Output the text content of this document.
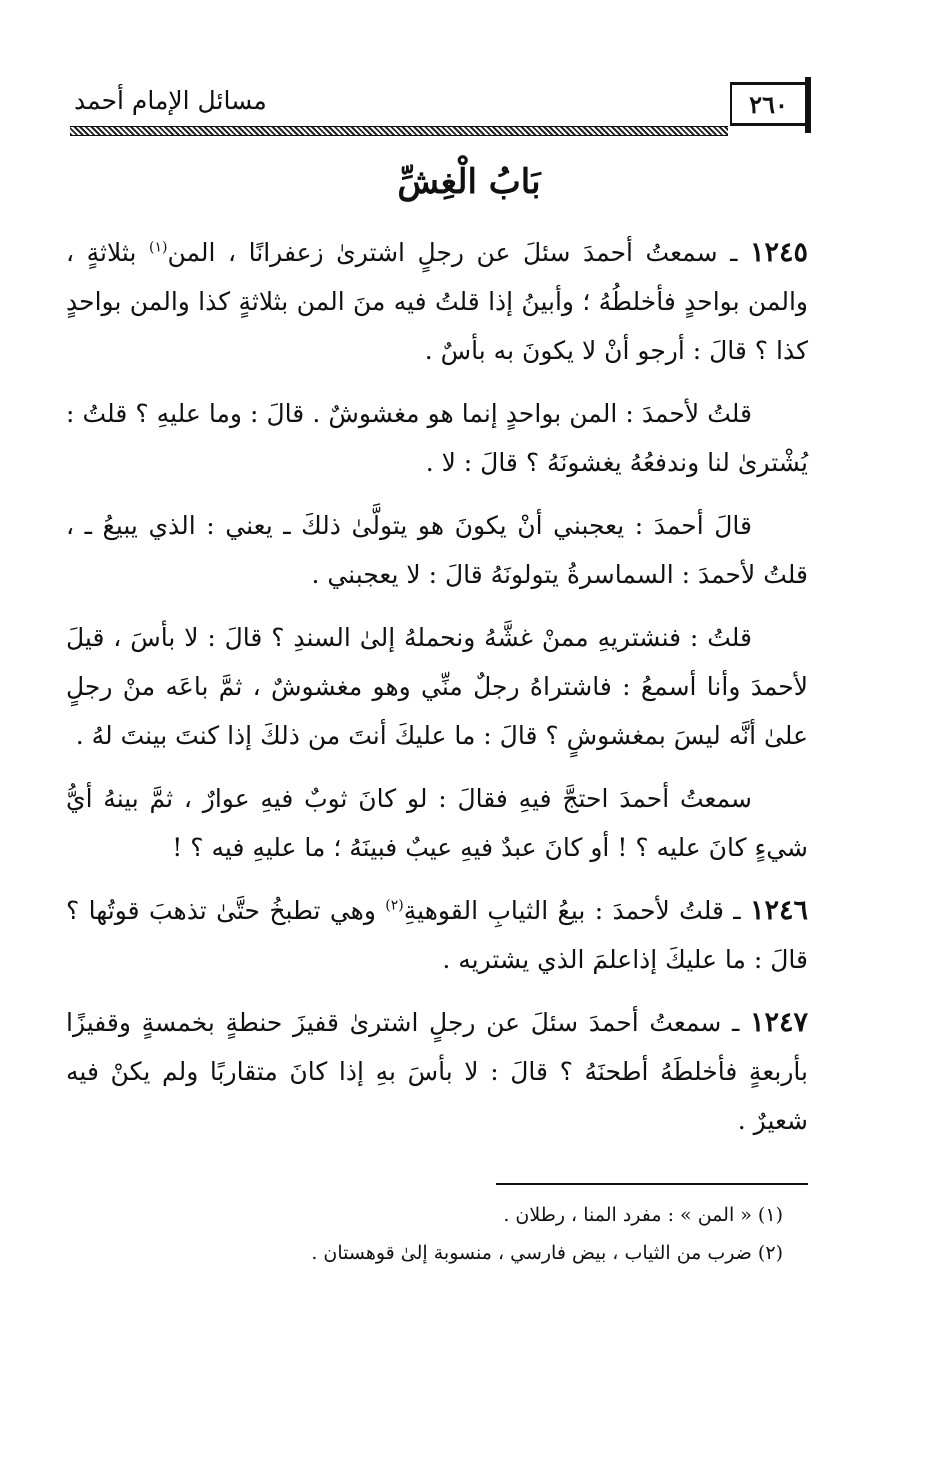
٢٦٠
مسائل الإمام أحمد
بَابُ الْغِشِّ

١٢٤٥ ـ سمعتُ أحمدَ سئلَ عن رجلٍ اشترىٰ زعفرانًا ، المن$^{(١)}$ بثلاثةٍ ، والمن بواحدٍ فأخلطُهُ ؛ وأبينُ إذا قلتُ فيه منَ المن بثلاثةٍ كذا والمن بواحدٍ كذا ؟ قالَ : أرجو أنْ لا يكونَ به بأسٌ .

قلتُ لأحمدَ : المن بواحدٍ إنما هو مغشوشٌ . قالَ : وما عليهِ ؟ قلتُ : يُشْترىٰ لنا وندفعُهُ يغشونَهُ ؟ قالَ : لا .

قالَ أحمدَ : يعجبني أنْ يكونَ هو يتولَّىٰ ذلكَ ـ يعني : الذي يبيعُ ـ ، قلتُ لأحمدَ : السماسرةُ يتولونَهُ قالَ : لا يعجبني .

قلتُ : فنشتريهِ ممنْ غشَّهُ ونحملهُ إلىٰ السندِ ؟ قالَ : لا بأسَ ، قيلَ لأحمدَ وأنا أسمعُ : فاشتراهُ رجلٌ منِّي وهو مغشوشٌ ، ثمَّ باعَه منْ رجلٍ علىٰ أنَّه ليسَ بمغشوشٍ ؟ قالَ : ما عليكَ أنتَ من ذلكَ إذا كنتَ بينتَ لهُ .

سمعتُ أحمدَ احتجَّ فيهِ فقالَ : لو كانَ ثوبٌ فيهِ عوارٌ ، ثمَّ بينهُ أيُّ شيءٍ كانَ عليه ؟ ! أو كانَ عبدٌ فيهِ عيبٌ فبينَهُ ؛ ما عليهِ فيه ؟ !

١٢٤٦ ـ قلتُ لأحمدَ : بيعُ الثيابِ القوهيةِ$^{(٢)}$ وهي تطبخُ حتَّىٰ تذهبَ قوتُها ؟ قالَ : ما عليكَ إذاعلمَ الذي يشتريه .

١٢٤٧ ـ سمعتُ أحمدَ سئلَ عن رجلٍ اشترىٰ قفيزَ حنطةٍ بخمسةٍ وقفيزًا بأربعةٍ فأخلطَهُ أطحنَهُ ؟ قالَ : لا بأسَ بهِ إذا كانَ متقاربًا ولم يكنْ فيه شعيرٌ .

(١) « المن » : مفرد المنا ، رطلان .

(٢) ضرب من الثياب ، بيض فارسي ، منسوبة إلىٰ قوهستان .
